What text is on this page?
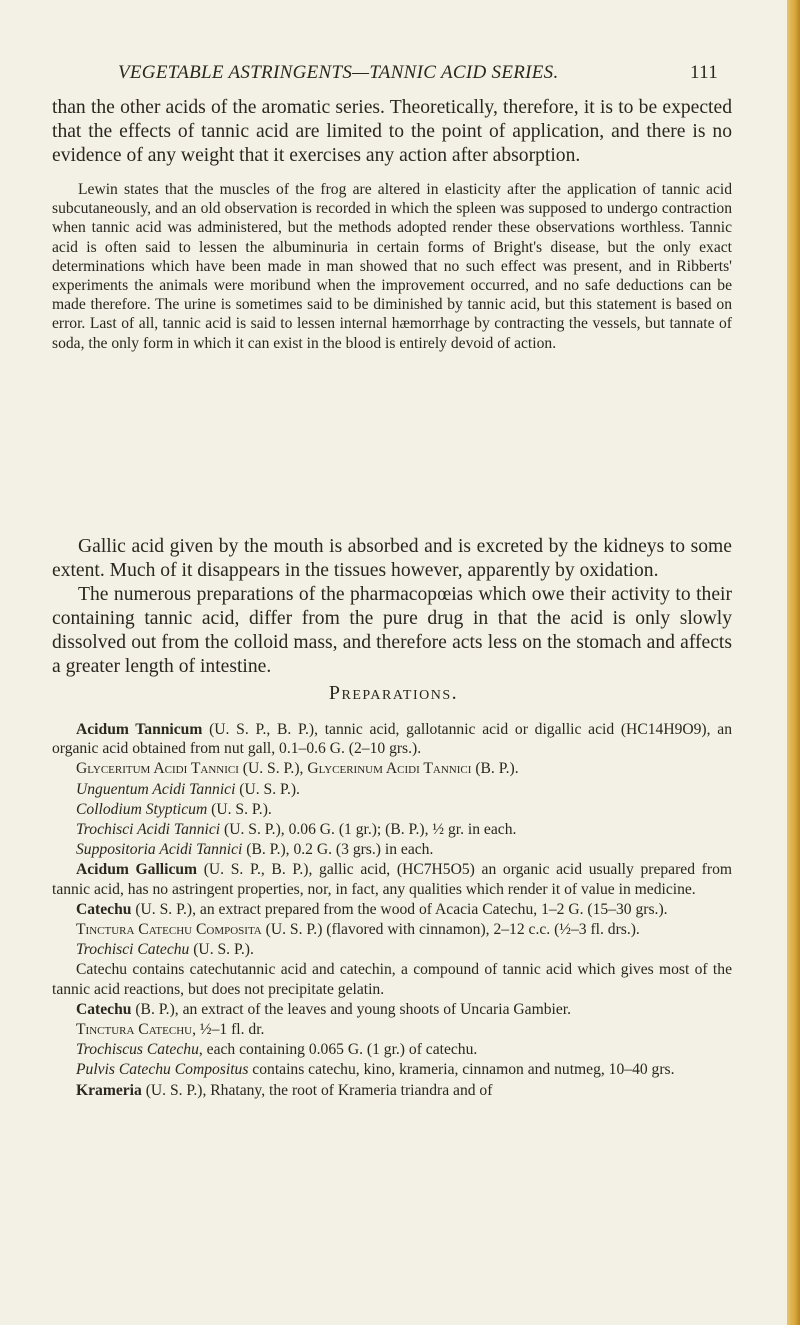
VEGETABLE ASTRINGENTS—TANNIC ACID SERIES.	111

than the other acids of the aromatic series. Theoretically, therefore, it is to be expected that the effects of tannic acid are limited to the point of application, and there is no evidence of any weight that it exercises any action after absorption.

Lewin states that the muscles of the frog are altered in elasticity after the application of tannic acid subcutaneously, and an old observation is recorded in which the spleen was supposed to undergo contraction when tannic acid was administered, but the methods adopted render these observations worthless. Tannic acid is often said to lessen the albuminuria in certain forms of Bright's disease, but the only exact determinations which have been made in man showed that no such effect was present, and in Ribberts' experiments the animals were moribund when the improvement occurred, and no safe deductions can be made therefore. The urine is sometimes said to be diminished by tannic acid, but this statement is based on error. Last of all, tannic acid is said to lessen internal hæmorrhage by contracting the vessels, but tannate of soda, the only form in which it can exist in the blood is entirely devoid of action.

Gallic acid given by the mouth is absorbed and is excreted by the kidneys to some extent. Much of it disappears in the tissues however, apparently by oxidation.

The numerous preparations of the pharmacopœias which owe their activity to their containing tannic acid, differ from the pure drug in that the acid is only slowly dissolved out from the colloid mass, and therefore acts less on the stomach and affects a greater length of intestine.

Preparations.

Acidum Tannicum (U. S. P., B. P.), tannic acid, gallotannic acid or digallic acid (HC14H9O9), an organic acid obtained from nut gall, 0.1–0.6 G. (2–10 grs.).

Glyceritum Acidi Tannici (U. S. P.), Glycerinum Acidi Tannici (B. P.).

Unguentum Acidi Tannici (U. S. P.).

Collodium Stypticum (U. S. P.).

Trochisci Acidi Tannici (U. S. P.), 0.06 G. (1 gr.); (B. P.), ½ gr. in each.

Suppositoria Acidi Tannici (B. P.), 0.2 G. (3 grs.) in each.

Acidum Gallicum (U. S. P., B. P.), gallic acid, (HC7H5O5) an organic acid usually prepared from tannic acid, has no astringent properties, nor, in fact, any qualities which render it of value in medicine.

Catechu (U. S. P.), an extract prepared from the wood of Acacia Catechu, 1–2 G. (15–30 grs.).

Tinctura Catechu Composita (U. S. P.) (flavored with cinnamon), 2–12 c.c. (½–3 fl. drs.).

Trochisci Catechu (U. S. P.).

Catechu contains catechutannic acid and catechin, a compound of tannic acid which gives most of the tannic acid reactions, but does not precipitate gelatin.

Catechu (B. P.), an extract of the leaves and young shoots of Uncaria Gambier.

Tinctura Catechu, ½–1 fl. dr.

Trochiscus Catechu, each containing 0.065 G. (1 gr.) of catechu.

Pulvis Catechu Compositus contains catechu, kino, krameria, cinnamon and nutmeg, 10–40 grs.

Krameria (U. S. P.), Rhatany, the root of Krameria triandra and of
